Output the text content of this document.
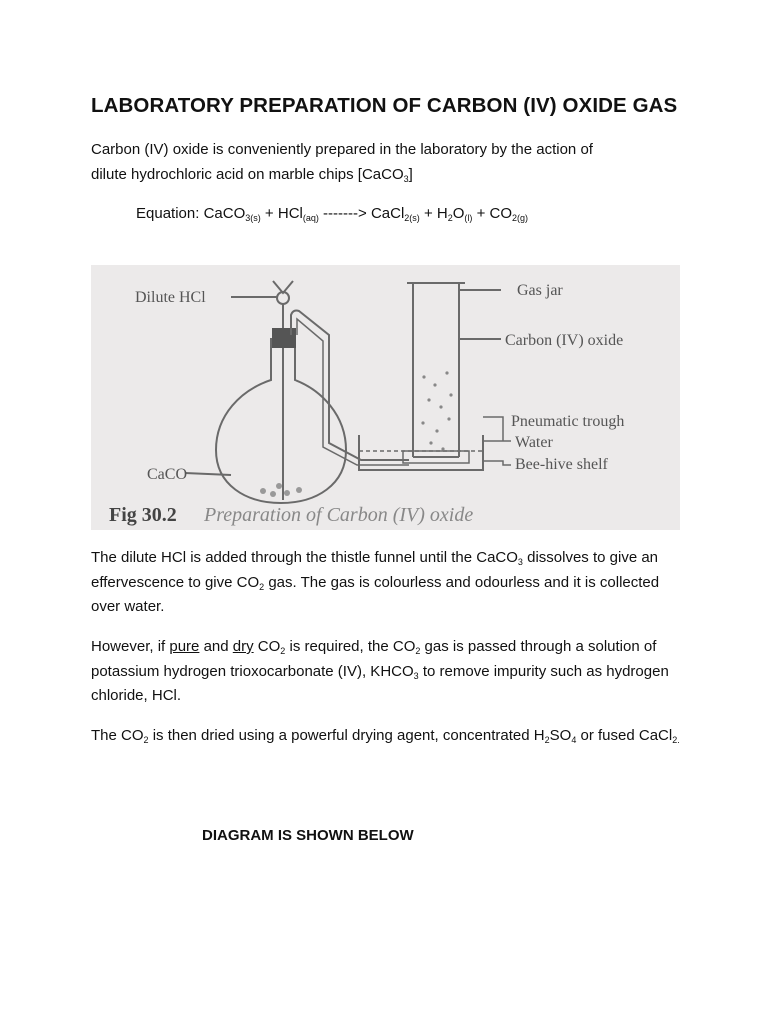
LABORATORY PREPARATION OF CARBON (IV) OXIDE GAS

Carbon (IV) oxide is conveniently prepared in the laboratory by the action of
dilute hydrochloric acid on marble chips [CaCO$_3$]

Equation: CaCO$_{3(s)}$ + HCl$_{(aq)}$ -------> CaCl$_{2(s)}$ + $H_2O_{(l)} + CO_{2(g)}$
Dilute HCl
CaCO
Gas jar
Carbon (IV) oxide
Pneumatic trough
Water
Bee-hive shelf
Fig 30.2 Preparation of Carbon (IV) oxide

The dilute HCl is added through the thistle funnel until the CaCO$_3$ dissolves to give an effervescence to give $CO_2$ gas. The gas is colourless and odourless and it is collected over water.

However, if pure and dry $CO_2$ is required, the $CO_2$ gas is passed through a solution of potassium hydrogen trioxocarbonate (IV), $KHCO_3$ to remove impurity such as hydrogen chloride, HCl.

The $CO_2$ is then dried using a powerful drying agent, concentrated $H_2SO_4$ or fused CaCl$_{2.}$

DIAGRAM IS SHOWN BELOW
